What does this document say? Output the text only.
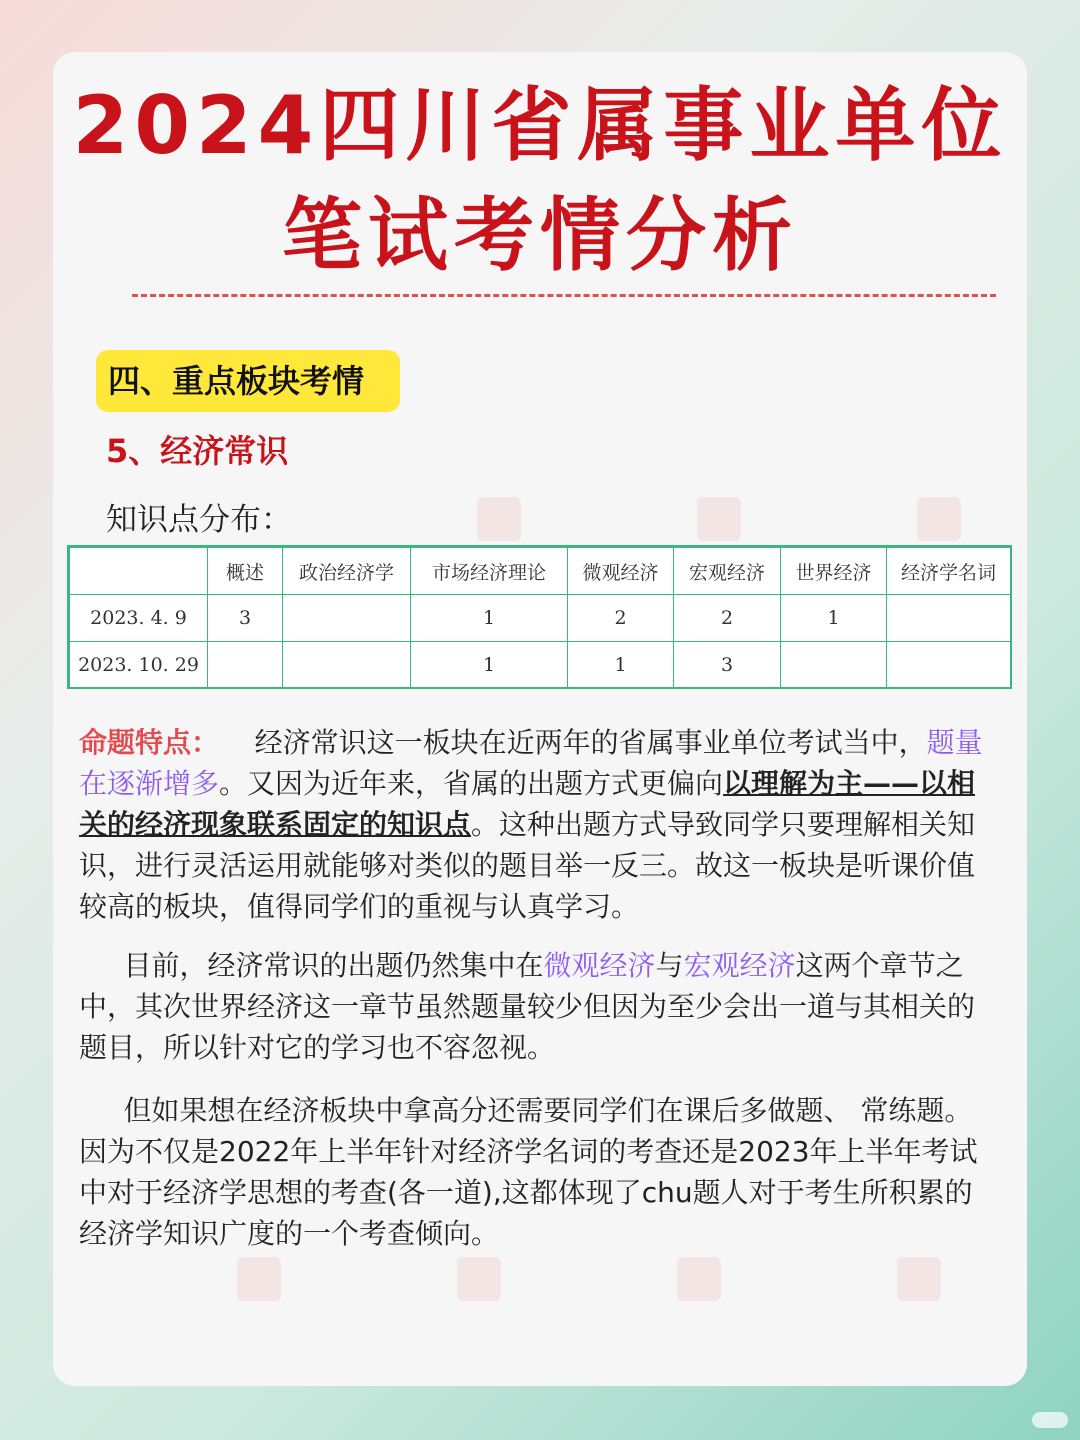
2024四川省属事业单位
笔试考情分析
四、重点板块考情
5、经济常识
知识点分布：
	概述	政治经济学	市场经济理论	微观经济	宏观经济	世界经济	经济学名词
2023. 4. 9	3		1	2	2	1	
2023. 10. 29			1	1	3		
命题特点： 经济常识这一板块在近两年的省属事业单位考试当中，题量在逐渐增多。又因为近年来，省属的出题方式更偏向以理解为主——以相关的经济现象联系固定的知识点。这种出题方式导致同学只要理解相关知识，进行灵活运用就能够对类似的题目举一反三。故这一板块是听课价值较高的板块，值得同学们的重视与认真学习。
目前，经济常识的出题仍然集中在微观经济与宏观经济这两个章节之中，其次世界经济这一章节虽然题量较少但因为至少会出一道与其相关的题目，所以针对它的学习也不容忽视。
但如果想在经济板块中拿高分还需要同学们在课后多做题、 常练题。因为不仅是2022年上半年针对经济学名词的考查还是2023年上半年考试中对于经济学思想的考查(各一道),这都体现了chu题人对于考生所积累的经济学知识广度的一个考查倾向。
